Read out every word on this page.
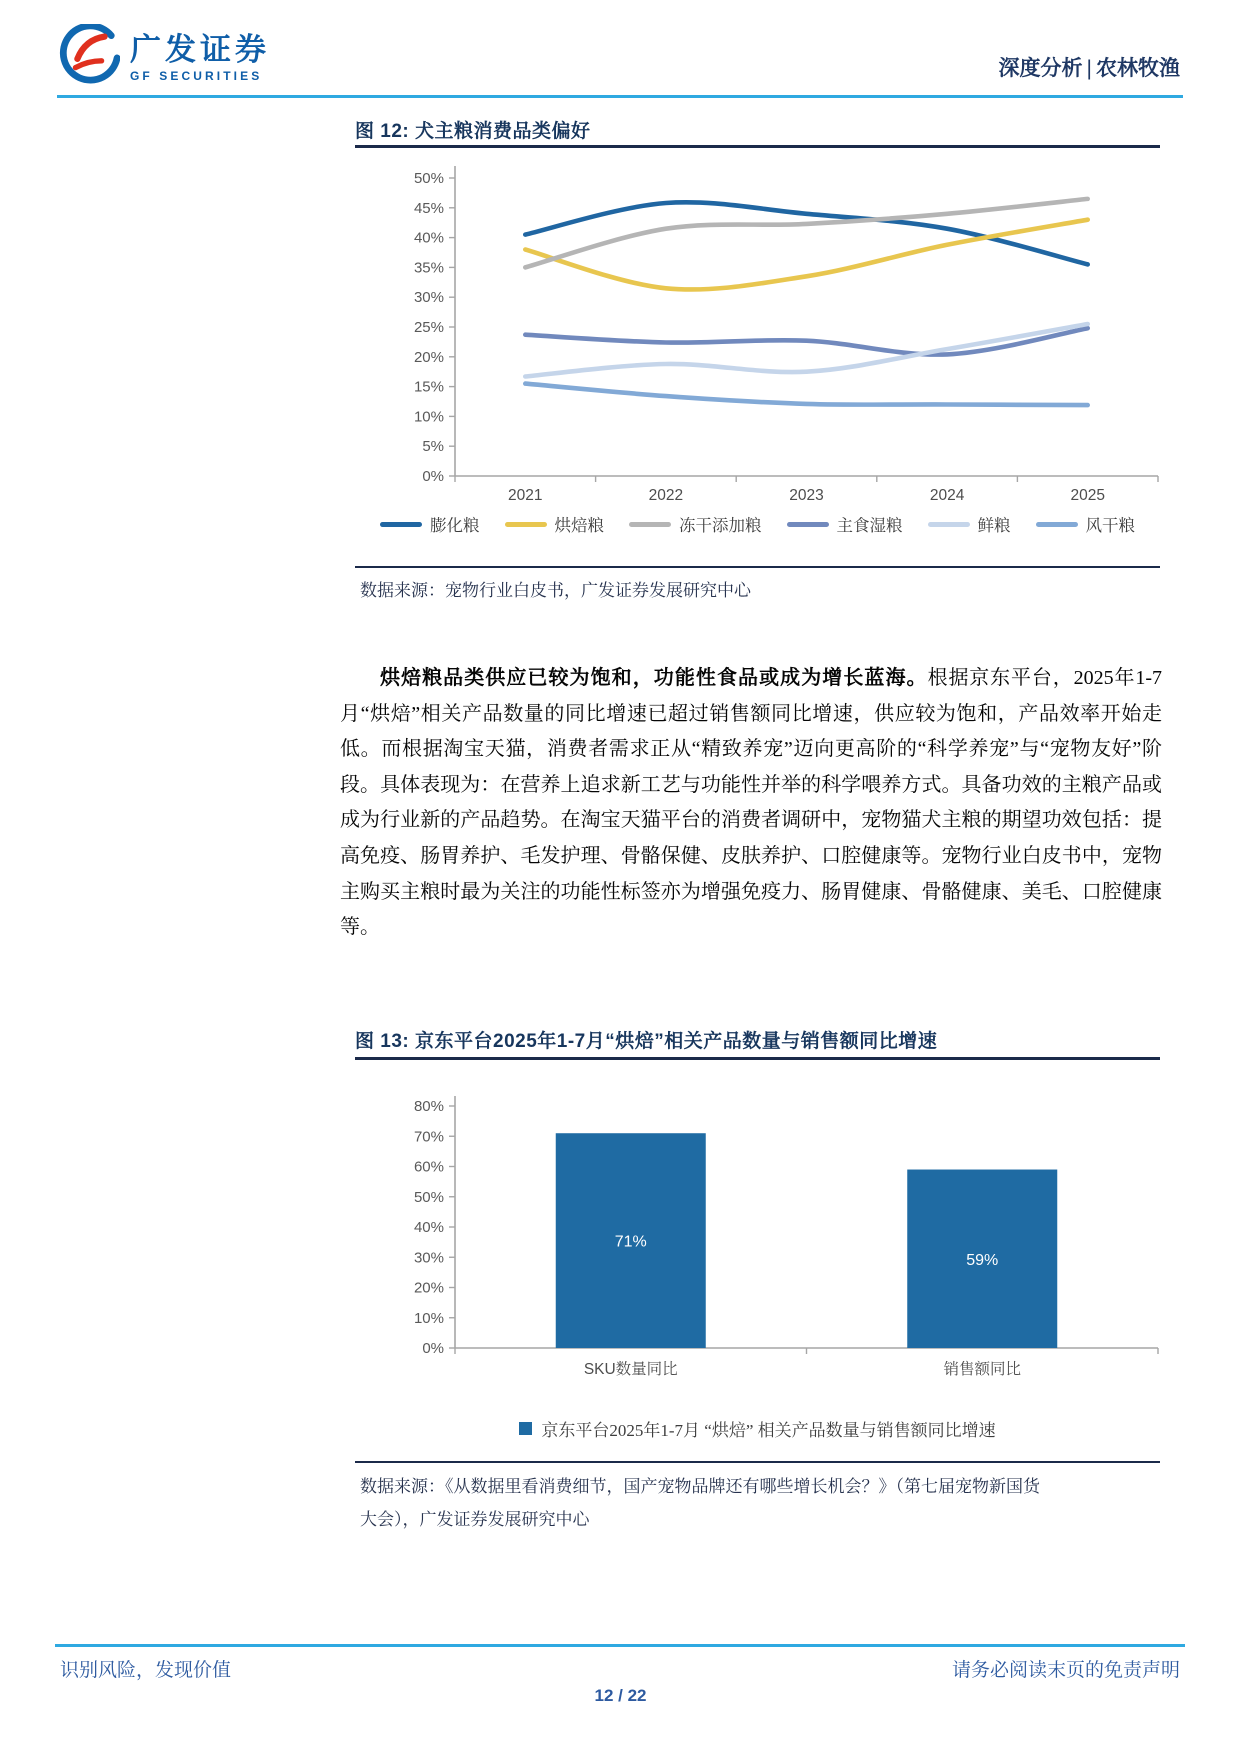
广发证券
GF SECURITIES	深度分析 | 农林牧渔
图 12: 犬主粮消费品类偏好
0%
5%
10%
15%
20%
25%
30%
35%
40%
45%
50%
2021	2022	2023	2024	2025
膨化粮	烘焙粮	冻干添加粮	主食湿粮	鲜粮	风干粮
数据来源：宠物行业白皮书，广发证券发展研究中心
烘焙粮品类供应已较为饱和，功能性食品或成为增长蓝海。根据京东平台，2025年1-7月“烘焙”相关产品数量的同比增速已超过销售额同比增速，供应较为饱和，产品效率开始走低。而根据淘宝天猫，消费者需求正从“精致养宠”迈向更高阶的“科学养宠”与“宠物友好”阶段。具体表现为：在营养上追求新工艺与功能性并举的科学喂养方式。具备功效的主粮产品或成为行业新的产品趋势。在淘宝天猫平台的消费者调研中，宠物猫犬主粮的期望功效包括：提高免疫、肠胃养护、毛发护理、骨骼保健、皮肤养护、口腔健康等。宠物行业白皮书中，宠物主购买主粮时最为关注的功能性标签亦为增强免疫力、肠胃健康、骨骼健康、美毛、口腔健康等。
图 13: 京东平台2025年1-7月“烘焙”相关产品数量与销售额同比增速
0%
10%
20%
30%
40%
50%
60%
70%
80%
SKU数量同比	销售额同比
71%
59%
京东平台2025年1-7月 “烘焙” 相关产品数量与销售额同比增速
数据来源：《从数据里看消费细节，国产宠物品牌还有哪些增长机会？》（第七届宠物新国货
大会），广发证券发展研究中心
识别风险，发现价值	请务必阅读末页的免责声明
12 / 22
